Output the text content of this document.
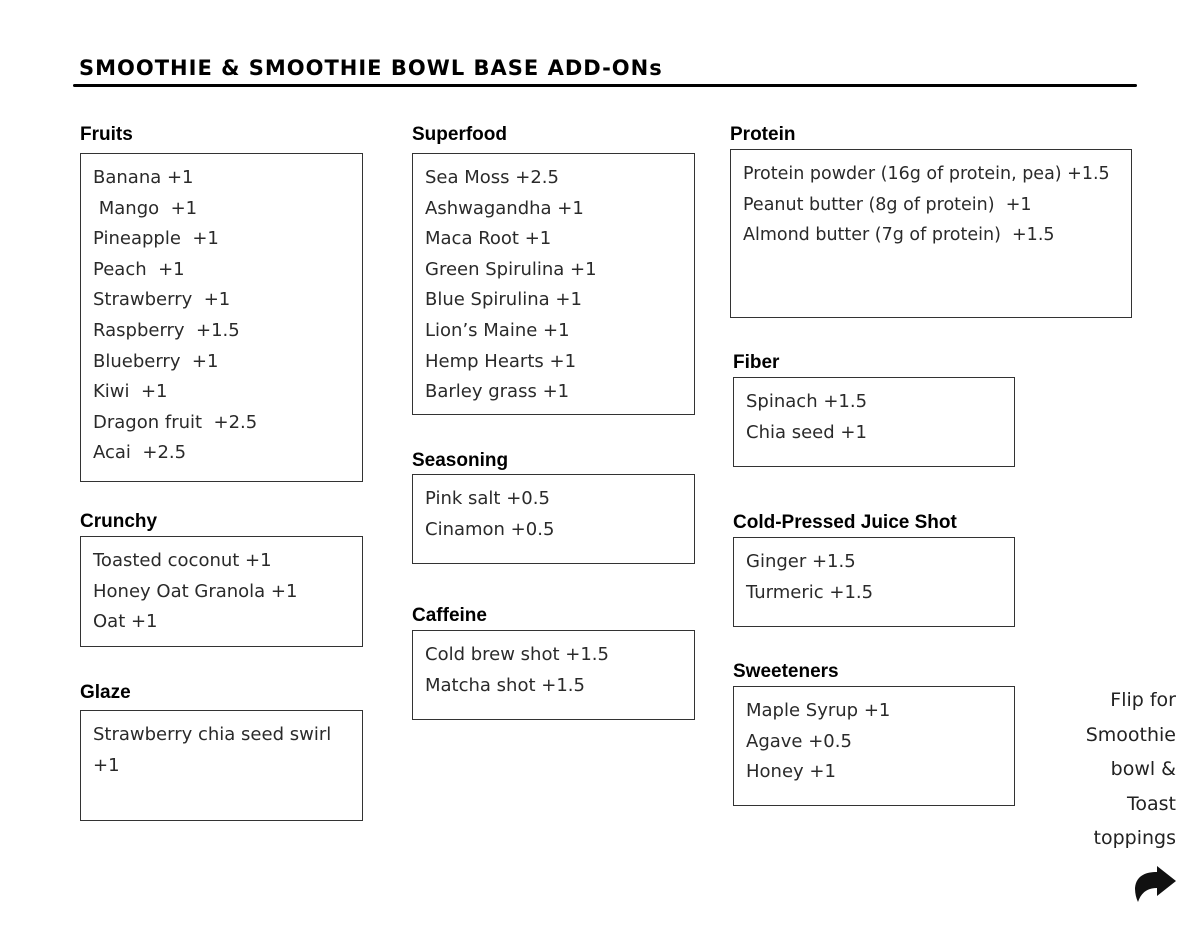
SMOOTHIE & SMOOTHIE BOWL BASE ADD-ONs
Fruits
Banana +1
Mango  +1
Pineapple  +1
Peach  +1
Strawberry  +1
Raspberry  +1.5
Blueberry  +1
Kiwi  +1
Dragon fruit  +2.5
Acai  +2.5
Crunchy
Toasted coconut +1
Honey Oat Granola +1
Oat +1
Glaze
Strawberry chia seed swirl +1
Superfood
Sea Moss +2.5
Ashwagandha +1
Maca Root +1
Green Spirulina +1
Blue Spirulina +1
Lion’s Maine +1
Hemp Hearts +1
Barley grass +1
Seasoning
Pink salt +0.5
Cinamon +0.5
Caffeine
Cold brew shot +1.5
Matcha shot +1.5
Protein
Protein powder (16g of protein, pea) +1.5
Peanut butter (8g of protein)  +1
Almond butter (7g of protein)  +1.5
Fiber
Spinach +1.5
Chia seed +1
Cold-Pressed Juice Shot
Ginger +1.5
Turmeric +1.5
Sweeteners
Maple Syrup +1
Agave +0.5
Honey +1
Flip for
Smoothie
bowl &
Toast
toppings
